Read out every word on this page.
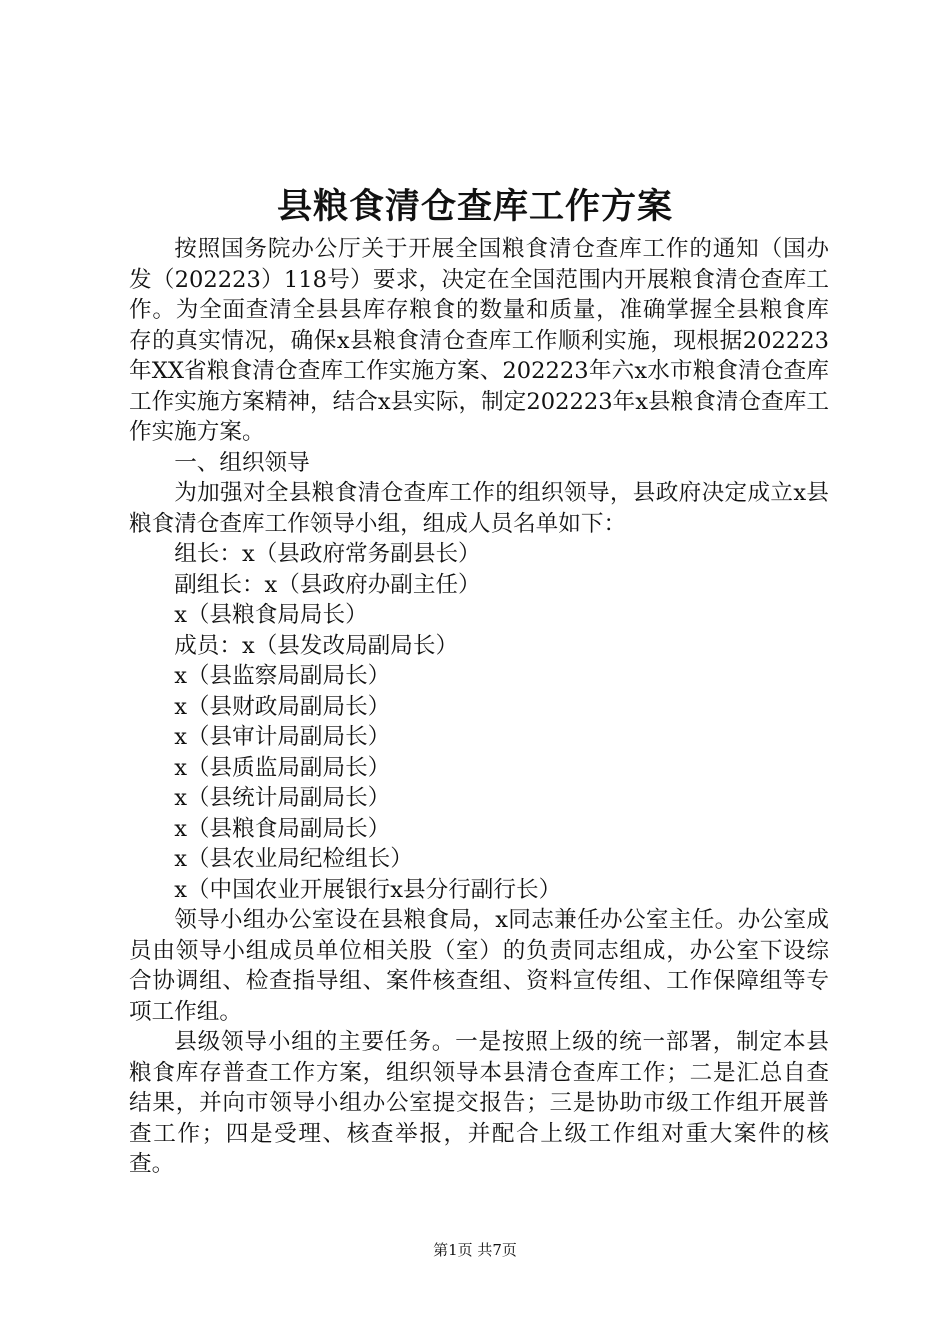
县粮食清仓查库工作方案

按照国务院办公厅关于开展全国粮食清仓查库工作的通知（国办发（202223）118号）要求，决定在全国范围内开展粮食清仓查库工作。为全面查清全县县库存粮食的数量和质量，准确掌握全县粮食库存的真实情况，确保x县粮食清仓查库工作顺利实施，现根据202223年XX省粮食清仓查库工作实施方案、202223年六x水市粮食清仓查库工作实施方案精神，结合x县实际，制定202223年x县粮食清仓查库工作实施方案。

一、组织领导

为加强对全县粮食清仓查库工作的组织领导，县政府决定成立x县粮食清仓查库工作领导小组，组成人员名单如下：

组长：x（县政府常务副县长）

副组长：x（县政府办副主任）

x（县粮食局局长）

成员：x（县发改局副局长）

x（县监察局副局长）

x（县财政局副局长）

x（县审计局副局长）

x（县质监局副局长）

x（县统计局副局长）

x（县粮食局副局长）

x（县农业局纪检组长）

x（中国农业开展银行x县分行副行长）

领导小组办公室设在县粮食局，x同志兼任办公室主任。办公室成员由领导小组成员单位相关股（室）的负责同志组成，办公室下设综合协调组、检查指导组、案件核查组、资料宣传组、工作保障组等专项工作组。

县级领导小组的主要任务。一是按照上级的统一部署，制定本县粮食库存普查工作方案，组织领导本县清仓查库工作；二是汇总自查结果，并向市领导小组办公室提交报告；三是协助市级工作组开展普查工作；四是受理、核查举报，并配合上级工作组对重大案件的核查。

第1页 共7页
